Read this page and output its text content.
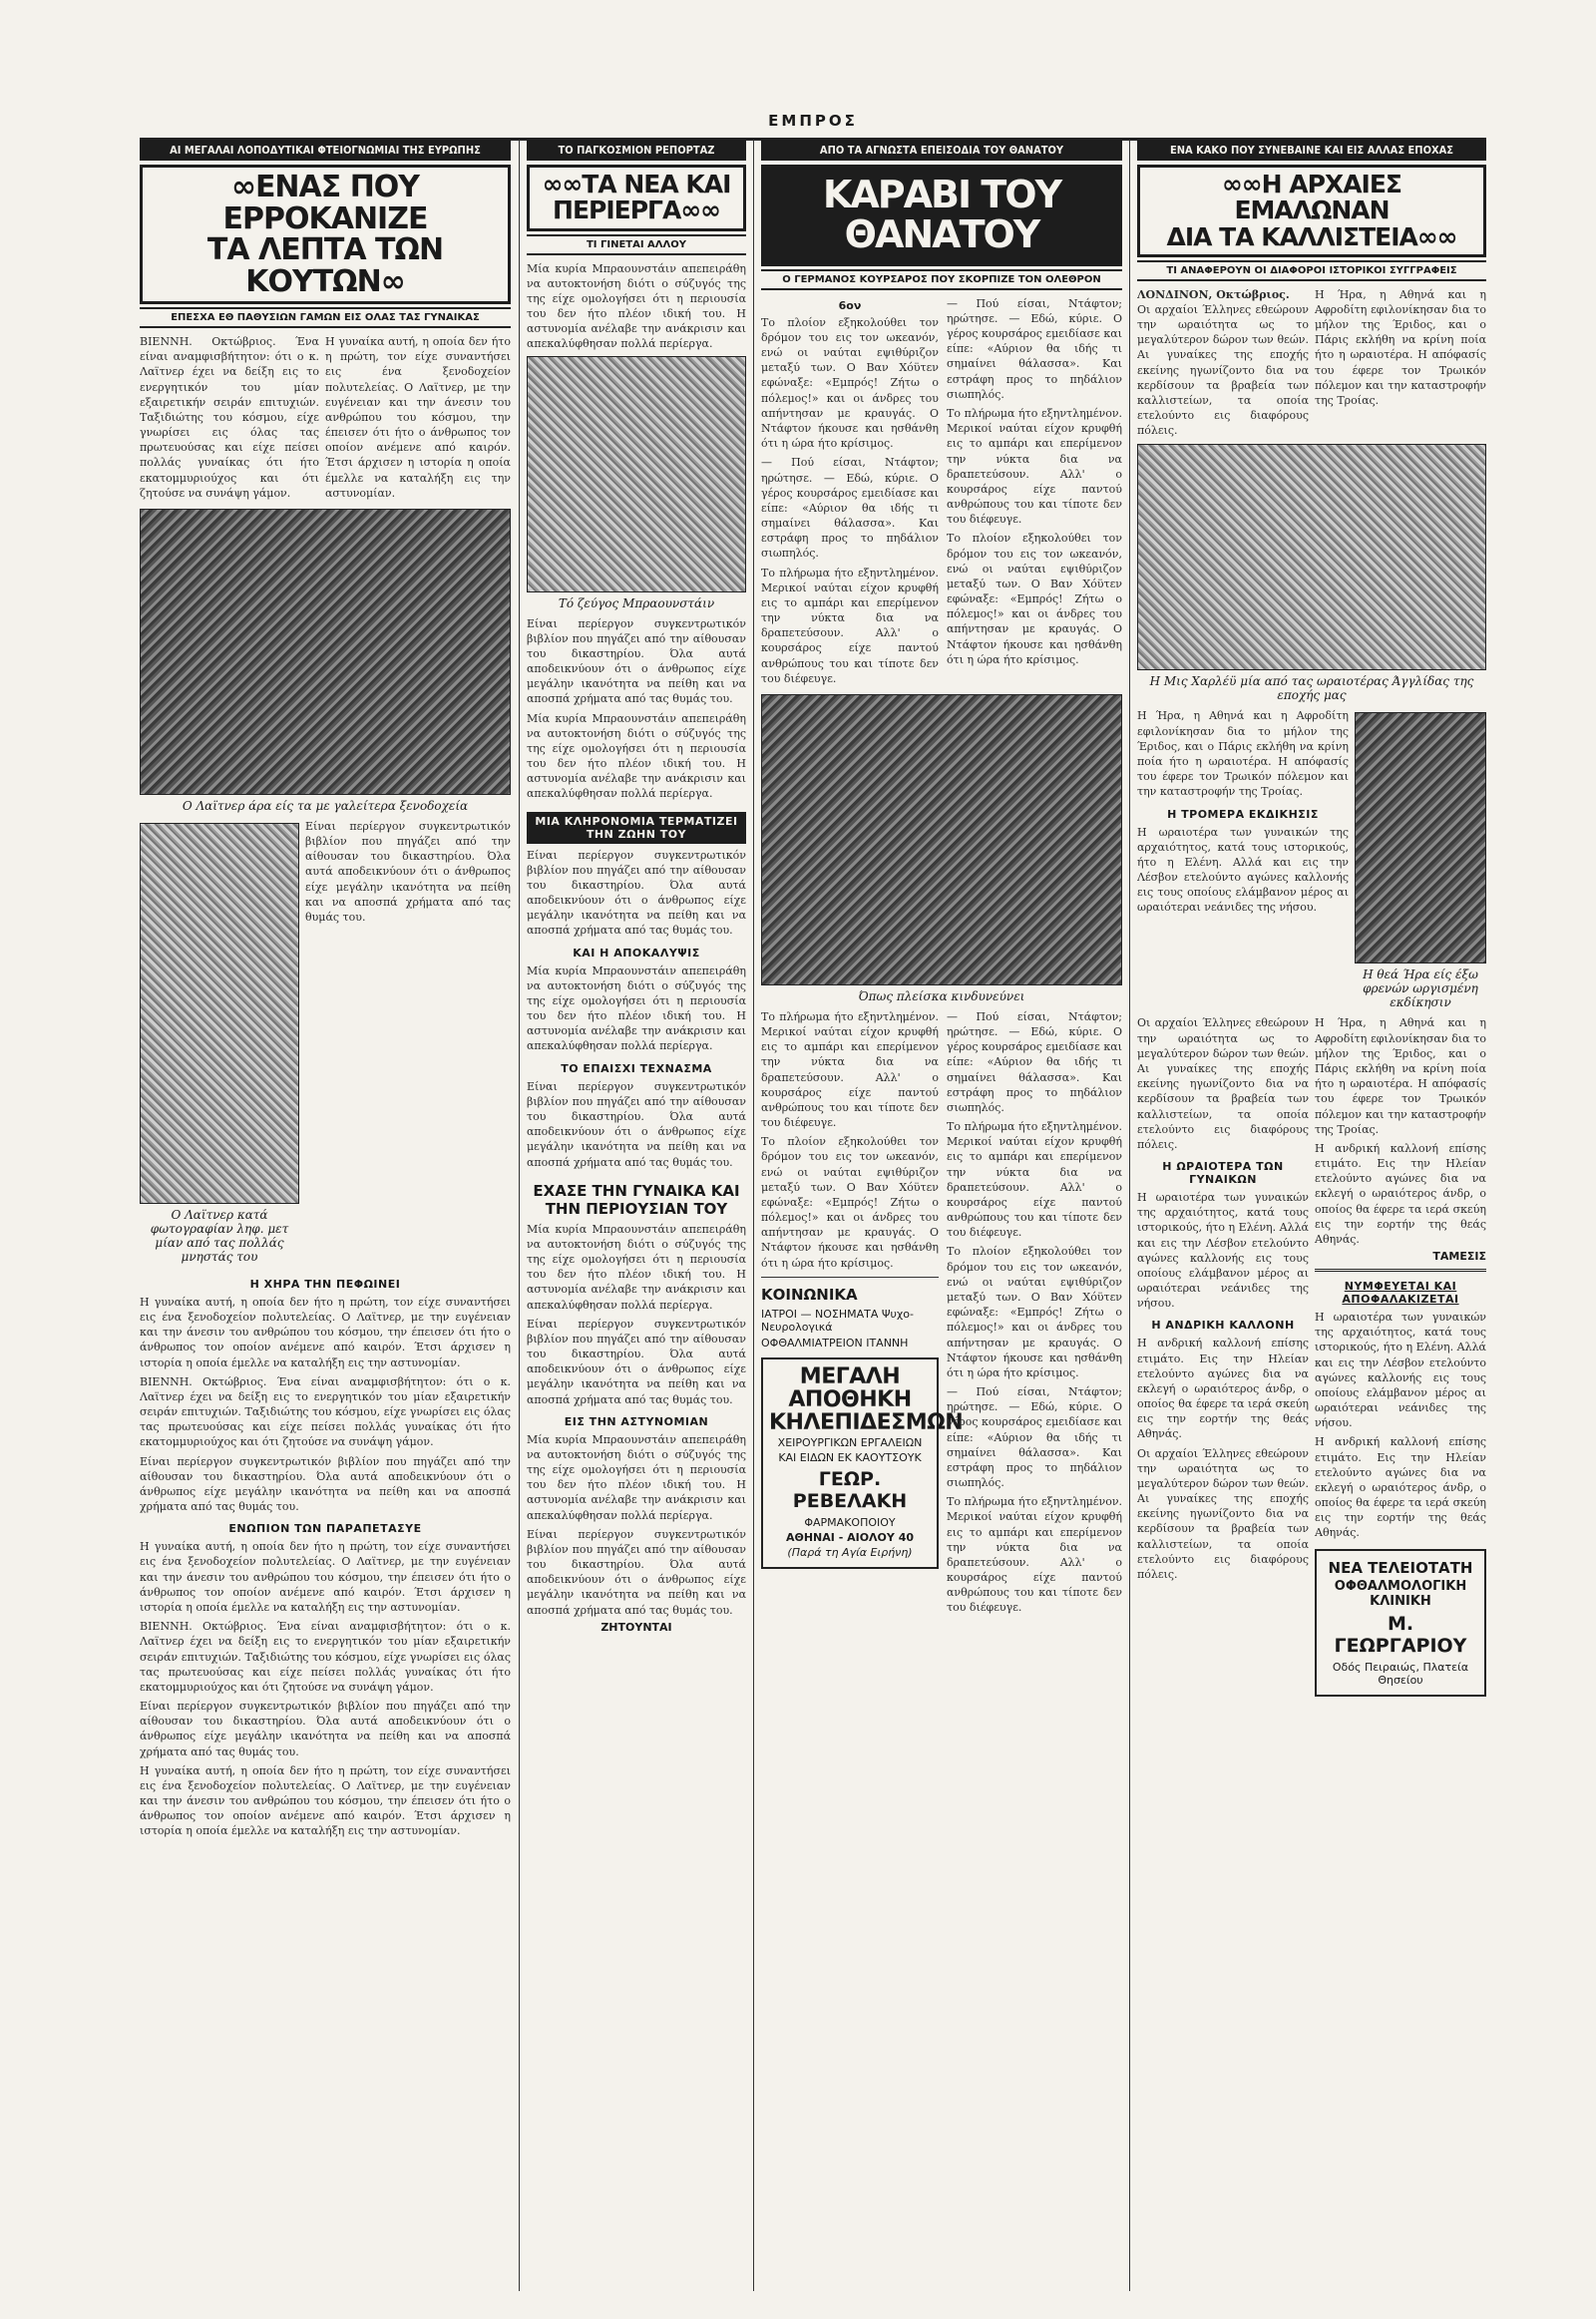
ΕΜΠΡΟΣ
ΑΙ ΜΕΓΑΛΑΙ ΛΟΠΟΔΥΤΙΚΑΙ ΦΤΕΙΟΓΝΩΜΙΑΙ ΤΗΣ ΕΥΡΩΠΗΣ
∞ΕΝΑΣ ΠΟΥ ΕΡΡΟΚΑΝΙΖΕ
ΤΑ ΛΕΠΤΑ ΤΩΝ ΚΟΥΤΩΝ∞
ΕΠΕΣΧΑ ΕΘ ΠΑΘΥΣΙΩΝ ΓΑΜΩΝ ΕΙΣ ΟΛΑΣ ΤΑΣ ΓΥΝΑΙΚΑΣ
ΒΙΕΝΝΗ. Οκτώβριος. Ένα είναι αναμφισβήτητον: ότι ο κ. Λαϊτνερ έχει να δείξη εις το ενεργητικόν του μίαν εξαιρετικήν σειράν επιτυχιών. Ταξιδιώτης του κόσμου, είχε γνωρίσει εις όλας τας πρωτευούσας και είχε πείσει πολλάς γυναίκας ότι ήτο εκατομμυριούχος και ότι ζητούσε να συνάψη γάμον.
Η γυναίκα αυτή, η οποία δεν ήτο η πρώτη, τον είχε συναντήσει εις ένα ξενοδοχείον πολυτελείας. Ο Λαϊτνερ, με την ευγένειαν και την άνεσιν του ανθρώπου του κόσμου, την έπεισεν ότι ήτο ο άνθρωπος τον οποίον ανέμενε από καιρόν. Έτσι άρχισεν η ιστορία η οποία έμελλε να καταλήξη εις την αστυνομίαν.
Ο Λαϊτνερ άρα είς τα με γαλείτερα ξενοδοχεία
Ο Λαϊτνερ κατά φωτογραφίαν ληφ. μετ μίαν από τας πολλάς μνηστάς του
Είναι περίεργον συγκεντρωτικόν βιβλίον που πηγάζει από την αίθουσαν του δικαστηρίου. Όλα αυτά αποδεικνύουν ότι ο άνθρωπος είχε μεγάλην ικανότητα να πείθη και να αποσπά χρήματα από τας θυμάς του.
Η ΧΗΡΑ ΤΗΝ ΠΕΦΩΙΝΕΙ
Η γυναίκα αυτή, η οποία δεν ήτο η πρώτη, τον είχε συναντήσει εις ένα ξενοδοχείον πολυτελείας. Ο Λαϊτνερ, με την ευγένειαν και την άνεσιν του ανθρώπου του κόσμου, την έπεισεν ότι ήτο ο άνθρωπος τον οποίον ανέμενε από καιρόν. Έτσι άρχισεν η ιστορία η οποία έμελλε να καταλήξη εις την αστυνομίαν.
ΒΙΕΝΝΗ. Οκτώβριος. Ένα είναι αναμφισβήτητον: ότι ο κ. Λαϊτνερ έχει να δείξη εις το ενεργητικόν του μίαν εξαιρετικήν σειράν επιτυχιών. Ταξιδιώτης του κόσμου, είχε γνωρίσει εις όλας τας πρωτευούσας και είχε πείσει πολλάς γυναίκας ότι ήτο εκατομμυριούχος και ότι ζητούσε να συνάψη γάμον.
Είναι περίεργον συγκεντρωτικόν βιβλίον που πηγάζει από την αίθουσαν του δικαστηρίου. Όλα αυτά αποδεικνύουν ότι ο άνθρωπος είχε μεγάλην ικανότητα να πείθη και να αποσπά χρήματα από τας θυμάς του.
ΕΝΩΠΙΟΝ ΤΩΝ ΠΑΡΑΠΕΤΑΣΥΕ
Η γυναίκα αυτή, η οποία δεν ήτο η πρώτη, τον είχε συναντήσει εις ένα ξενοδοχείον πολυτελείας. Ο Λαϊτνερ, με την ευγένειαν και την άνεσιν του ανθρώπου του κόσμου, την έπεισεν ότι ήτο ο άνθρωπος τον οποίον ανέμενε από καιρόν. Έτσι άρχισεν η ιστορία η οποία έμελλε να καταλήξη εις την αστυνομίαν.
ΒΙΕΝΝΗ. Οκτώβριος. Ένα είναι αναμφισβήτητον: ότι ο κ. Λαϊτνερ έχει να δείξη εις το ενεργητικόν του μίαν εξαιρετικήν σειράν επιτυχιών. Ταξιδιώτης του κόσμου, είχε γνωρίσει εις όλας τας πρωτευούσας και είχε πείσει πολλάς γυναίκας ότι ήτο εκατομμυριούχος και ότι ζητούσε να συνάψη γάμον.
Είναι περίεργον συγκεντρωτικόν βιβλίον που πηγάζει από την αίθουσαν του δικαστηρίου. Όλα αυτά αποδεικνύουν ότι ο άνθρωπος είχε μεγάλην ικανότητα να πείθη και να αποσπά χρήματα από τας θυμάς του.
Η γυναίκα αυτή, η οποία δεν ήτο η πρώτη, τον είχε συναντήσει εις ένα ξενοδοχείον πολυτελείας. Ο Λαϊτνερ, με την ευγένειαν και την άνεσιν του ανθρώπου του κόσμου, την έπεισεν ότι ήτο ο άνθρωπος τον οποίον ανέμενε από καιρόν. Έτσι άρχισεν η ιστορία η οποία έμελλε να καταλήξη εις την αστυνομίαν.
ΤΟ ΠΑΓΚΟΣΜΙΟΝ ΡΕΠΟΡΤΑΖ
∞∞ΤΑ ΝΕΑ ΚΑΙ
ΠΕΡΙΕΡΓΑ∞∞
ΤΙ ΓΙΝΕΤΑΙ ΑΛΛΟΥ
Μία κυρία Μπραουνστάιν απεπειράθη να αυτοκτονήση διότι ο σύζυγός της της είχε ομολογήσει ότι η περιουσία του δεν ήτο πλέον ιδική του. Η αστυνομία ανέλαβε την ανάκρισιν και απεκαλύφθησαν πολλά περίεργα.
Τό ζεύγος Μπραουνστάιν
Είναι περίεργον συγκεντρωτικόν βιβλίον που πηγάζει από την αίθουσαν του δικαστηρίου. Όλα αυτά αποδεικνύουν ότι ο άνθρωπος είχε μεγάλην ικανότητα να πείθη και να αποσπά χρήματα από τας θυμάς του.
Μία κυρία Μπραουνστάιν απεπειράθη να αυτοκτονήση διότι ο σύζυγός της της είχε ομολογήσει ότι η περιουσία του δεν ήτο πλέον ιδική του. Η αστυνομία ανέλαβε την ανάκρισιν και απεκαλύφθησαν πολλά περίεργα.
ΜΙΑ ΚΛΗΡΟΝΟΜΙΑ ΤΕΡΜΑΤΙΖΕΙ ΤΗΝ ΖΩΗΝ ΤΟΥ
Είναι περίεργον συγκεντρωτικόν βιβλίον που πηγάζει από την αίθουσαν του δικαστηρίου. Όλα αυτά αποδεικνύουν ότι ο άνθρωπος είχε μεγάλην ικανότητα να πείθη και να αποσπά χρήματα από τας θυμάς του.
ΚΑΙ Η ΑΠΟΚΑΛΥΨΙΣ
Μία κυρία Μπραουνστάιν απεπειράθη να αυτοκτονήση διότι ο σύζυγός της της είχε ομολογήσει ότι η περιουσία του δεν ήτο πλέον ιδική του. Η αστυνομία ανέλαβε την ανάκρισιν και απεκαλύφθησαν πολλά περίεργα.
ΤΟ ΕΠΑΙΣΧΙ ΤΕΧΝΑΣΜΑ
Είναι περίεργον συγκεντρωτικόν βιβλίον που πηγάζει από την αίθουσαν του δικαστηρίου. Όλα αυτά αποδεικνύουν ότι ο άνθρωπος είχε μεγάλην ικανότητα να πείθη και να αποσπά χρήματα από τας θυμάς του.
ΕΧΑΣΕ ΤΗΝ ΓΥΝΑΙΚΑ ΚΑΙ ΤΗΝ ΠΕΡΙΟΥΣΙΑΝ ΤΟΥ
Μία κυρία Μπραουνστάιν απεπειράθη να αυτοκτονήση διότι ο σύζυγός της της είχε ομολογήσει ότι η περιουσία του δεν ήτο πλέον ιδική του. Η αστυνομία ανέλαβε την ανάκρισιν και απεκαλύφθησαν πολλά περίεργα.
Είναι περίεργον συγκεντρωτικόν βιβλίον που πηγάζει από την αίθουσαν του δικαστηρίου. Όλα αυτά αποδεικνύουν ότι ο άνθρωπος είχε μεγάλην ικανότητα να πείθη και να αποσπά χρήματα από τας θυμάς του.
ΕΙΣ ΤΗΝ ΑΣΤΥΝΟΜΙΑΝ
Μία κυρία Μπραουνστάιν απεπειράθη να αυτοκτονήση διότι ο σύζυγός της της είχε ομολογήσει ότι η περιουσία του δεν ήτο πλέον ιδική του. Η αστυνομία ανέλαβε την ανάκρισιν και απεκαλύφθησαν πολλά περίεργα.
Είναι περίεργον συγκεντρωτικόν βιβλίον που πηγάζει από την αίθουσαν του δικαστηρίου. Όλα αυτά αποδεικνύουν ότι ο άνθρωπος είχε μεγάλην ικανότητα να πείθη και να αποσπά χρήματα από τας θυμάς του.
ΖΗΤΟΥΝΤΑΙ
ΑΠΟ ΤΑ ΑΓΝΩΣΤΑ ΕΠΕΙΣΟΔΙΑ ΤΟΥ ΘΑΝΑΤΟΥ
ΚΑΡΑΒΙ ΤΟΥ ΘΑΝΑΤΟΥ
Ο ΓΕΡΜΑΝΟΣ ΚΟΥΡΣΑΡΟΣ ΠΟΥ ΣΚΟΡΠΙΖΕ ΤΟΝ ΟΛΕΘΡΟΝ
6ον
Το πλοίον εξηκολούθει τον δρόμον του εις τον ωκεανόν, ενώ οι ναύται εψιθύριζον μεταξύ των. Ο Βαν Χόϋτεν εφώναξε: «Εμπρός! Ζήτω ο πόλεμος!» και οι άνδρες του απήντησαν με κραυγάς. Ο Ντάφτον ήκουσε και ησθάνθη ότι η ώρα ήτο κρίσιμος.
— Πού είσαι, Ντάφτον; ηρώτησε. — Εδώ, κύριε. Ο γέρος κουρσάρος εμειδίασε και είπε: «Αύριον θα ιδής τι σημαίνει θάλασσα». Και εστράφη προς το πηδάλιον σιωπηλός.
Το πλήρωμα ήτο εξηντλημένον. Μερικοί ναύται είχον κρυφθή εις το αμπάρι και επερίμενον την νύκτα δια να δραπετεύσουν. Αλλ' ο κουρσάρος είχε παντού ανθρώπους του και τίποτε δεν του διέφευγε.
— Πού είσαι, Ντάφτον; ηρώτησε. — Εδώ, κύριε. Ο γέρος κουρσάρος εμειδίασε και είπε: «Αύριον θα ιδής τι σημαίνει θάλασσα». Και εστράφη προς το πηδάλιον σιωπηλός.
Το πλήρωμα ήτο εξηντλημένον. Μερικοί ναύται είχον κρυφθή εις το αμπάρι και επερίμενον την νύκτα δια να δραπετεύσουν. Αλλ' ο κουρσάρος είχε παντού ανθρώπους του και τίποτε δεν του διέφευγε.
Το πλοίον εξηκολούθει τον δρόμον του εις τον ωκεανόν, ενώ οι ναύται εψιθύριζον μεταξύ των. Ο Βαν Χόϋτεν εφώναξε: «Εμπρός! Ζήτω ο πόλεμος!» και οι άνδρες του απήντησαν με κραυγάς. Ο Ντάφτον ήκουσε και ησθάνθη ότι η ώρα ήτο κρίσιμος.
Όπως πλείσκα κινδυνεύνει
Το πλήρωμα ήτο εξηντλημένον. Μερικοί ναύται είχον κρυφθή εις το αμπάρι και επερίμενον την νύκτα δια να δραπετεύσουν. Αλλ' ο κουρσάρος είχε παντού ανθρώπους του και τίποτε δεν του διέφευγε.
Το πλοίον εξηκολούθει τον δρόμον του εις τον ωκεανόν, ενώ οι ναύται εψιθύριζον μεταξύ των. Ο Βαν Χόϋτεν εφώναξε: «Εμπρός! Ζήτω ο πόλεμος!» και οι άνδρες του απήντησαν με κραυγάς. Ο Ντάφτον ήκουσε και ησθάνθη ότι η ώρα ήτο κρίσιμος.
ΚΟΙΝΩΝΙΚΑ
ΙΑΤΡΟΙ — ΝΟΣΗΜΑΤΑ Ψυχο-Νευρολογικά
ΟΦΘΑΛΜΙΑΤΡΕΙΟΝ ΙΤΑΝΝΗ
ΜΕΓΑΛΗ ΑΠΟΘΗΚΗ
ΚΗΛΕΠΙΔΕΣΜΩΝ
ΧΕΙΡΟΥΡΓΙΚΩΝ ΕΡΓΑΛΕΙΩΝ
ΚΑΙ ΕΙΔΩΝ ΕΚ ΚΑΟΥΤΣΟΥΚ
ΓΕΩΡ. ΡΕΒΕΛΑΚΗ
ΦΑΡΜΑΚΟΠΟΙΟΥ
ΑΘΗΝΑΙ - ΑΙΟΛΟΥ 40
(Παρά τη Αγία Ειρήνη)
— Πού είσαι, Ντάφτον; ηρώτησε. — Εδώ, κύριε. Ο γέρος κουρσάρος εμειδίασε και είπε: «Αύριον θα ιδής τι σημαίνει θάλασσα». Και εστράφη προς το πηδάλιον σιωπηλός.
Το πλήρωμα ήτο εξηντλημένον. Μερικοί ναύται είχον κρυφθή εις το αμπάρι και επερίμενον την νύκτα δια να δραπετεύσουν. Αλλ' ο κουρσάρος είχε παντού ανθρώπους του και τίποτε δεν του διέφευγε.
Το πλοίον εξηκολούθει τον δρόμον του εις τον ωκεανόν, ενώ οι ναύται εψιθύριζον μεταξύ των. Ο Βαν Χόϋτεν εφώναξε: «Εμπρός! Ζήτω ο πόλεμος!» και οι άνδρες του απήντησαν με κραυγάς. Ο Ντάφτον ήκουσε και ησθάνθη ότι η ώρα ήτο κρίσιμος.
— Πού είσαι, Ντάφτον; ηρώτησε. — Εδώ, κύριε. Ο γέρος κουρσάρος εμειδίασε και είπε: «Αύριον θα ιδής τι σημαίνει θάλασσα». Και εστράφη προς το πηδάλιον σιωπηλός.
Το πλήρωμα ήτο εξηντλημένον. Μερικοί ναύται είχον κρυφθή εις το αμπάρι και επερίμενον την νύκτα δια να δραπετεύσουν. Αλλ' ο κουρσάρος είχε παντού ανθρώπους του και τίποτε δεν του διέφευγε.
ΕΝΑ ΚΑΚΟ ΠΟΥ ΣΥΝΕΒΑΙΝΕ ΚΑΙ ΕΙΣ ΑΛΛΑΣ ΕΠΟΧΑΣ
∞∞Η ΑΡΧΑΙΕΣ ΕΜΑΛΩΝΑΝ
ΔΙΑ ΤΑ ΚΑΛΛΙΣΤΕΙΑ∞∞
ΤΙ ΑΝΑΦΕΡΟΥΝ ΟΙ ΔΙΑΦΟΡΟΙ ΙΣΤΟΡΙΚΟΙ ΣΥΓΓΡΑΦΕΙΣ
ΛΟΝΔΙΝΟΝ, Οκτώβριος.
Οι αρχαίοι Έλληνες εθεώρουν την ωραιότητα ως το μεγαλύτερον δώρον των θεών. Αι γυναίκες της εποχής εκείνης ηγωνίζοντο δια να κερδίσουν τα βραβεία των καλλιστείων, τα οποία ετελούντο εις διαφόρους πόλεις.
Η Ήρα, η Αθηνά και η Αφροδίτη εφιλονίκησαν δια το μήλον της Έριδος, και ο Πάρις εκλήθη να κρίνη ποία ήτο η ωραιοτέρα. Η απόφασίς του έφερε τον Τρωικόν πόλεμον και την καταστροφήν της Τροίας.
Η Μις Χαρλέϋ μία από τας ωραιοτέρας Άγγλίδας της εποχής μας
Η Ήρα, η Αθηνά και η Αφροδίτη εφιλονίκησαν δια το μήλον της Έριδος, και ο Πάρις εκλήθη να κρίνη ποία ήτο η ωραιοτέρα. Η απόφασίς του έφερε τον Τρωικόν πόλεμον και την καταστροφήν της Τροίας.
Η ΤΡΟΜΕΡΑ ΕΚΔΙΚΗΣΙΣ
Η ωραιοτέρα των γυναικών της αρχαιότητος, κατά τους ιστορικούς, ήτο η Ελένη. Αλλά και εις την Λέσβον ετελούντο αγώνες καλλονής εις τους οποίους ελάμβανον μέρος αι ωραιότεραι νεάνιδες της νήσου.
Η θεά Ήρα είς έξω φρενών ωργισμένη εκδίκησιν
Οι αρχαίοι Έλληνες εθεώρουν την ωραιότητα ως το μεγαλύτερον δώρον των θεών. Αι γυναίκες της εποχής εκείνης ηγωνίζοντο δια να κερδίσουν τα βραβεία των καλλιστείων, τα οποία ετελούντο εις διαφόρους πόλεις.
Η ΩΡΑΙΟΤΕΡΑ ΤΩΝ ΓΥΝΑΙΚΩΝ
Η ωραιοτέρα των γυναικών της αρχαιότητος, κατά τους ιστορικούς, ήτο η Ελένη. Αλλά και εις την Λέσβον ετελούντο αγώνες καλλονής εις τους οποίους ελάμβανον μέρος αι ωραιότεραι νεάνιδες της νήσου.
Η ΑΝΔΡΙΚΗ ΚΑΛΛΟΝΗ
Η ανδρική καλλονή επίσης ετιμάτο. Εις την Ηλείαν ετελούντο αγώνες δια να εκλεγή ο ωραιότερος άνδρ, ο οποίος θα έφερε τα ιερά σκεύη εις την εορτήν της θεάς Αθηνάς.
Οι αρχαίοι Έλληνες εθεώρουν την ωραιότητα ως το μεγαλύτερον δώρον των θεών. Αι γυναίκες της εποχής εκείνης ηγωνίζοντο δια να κερδίσουν τα βραβεία των καλλιστείων, τα οποία ετελούντο εις διαφόρους πόλεις.
Η Ήρα, η Αθηνά και η Αφροδίτη εφιλονίκησαν δια το μήλον της Έριδος, και ο Πάρις εκλήθη να κρίνη ποία ήτο η ωραιοτέρα. Η απόφασίς του έφερε τον Τρωικόν πόλεμον και την καταστροφήν της Τροίας.
Η ανδρική καλλονή επίσης ετιμάτο. Εις την Ηλείαν ετελούντο αγώνες δια να εκλεγή ο ωραιότερος άνδρ, ο οποίος θα έφερε τα ιερά σκεύη εις την εορτήν της θεάς Αθηνάς.
ΤΑΜΕΣΙΣ
ΝΥΜΦΕΥΕΤΑΙ ΚΑΙ ΑΠΟΦΑΛΑΚΙΖΕΤΑΙ
Η ωραιοτέρα των γυναικών της αρχαιότητος, κατά τους ιστορικούς, ήτο η Ελένη. Αλλά και εις την Λέσβον ετελούντο αγώνες καλλονής εις τους οποίους ελάμβανον μέρος αι ωραιότεραι νεάνιδες της νήσου.
Η ανδρική καλλονή επίσης ετιμάτο. Εις την Ηλείαν ετελούντο αγώνες δια να εκλεγή ο ωραιότερος άνδρ, ο οποίος θα έφερε τα ιερά σκεύη εις την εορτήν της θεάς Αθηνάς.
ΝΕΑ ΤΕΛΕΙΟΤΑΤΗ
ΟΦΘΑΛΜΟΛΟΓΙΚΗ ΚΛΙΝΙΚΗ
Μ. ΓΕΩΡΓΑΡΙΟΥ
Οδός Πειραιώς, Πλατεία Θησείου
